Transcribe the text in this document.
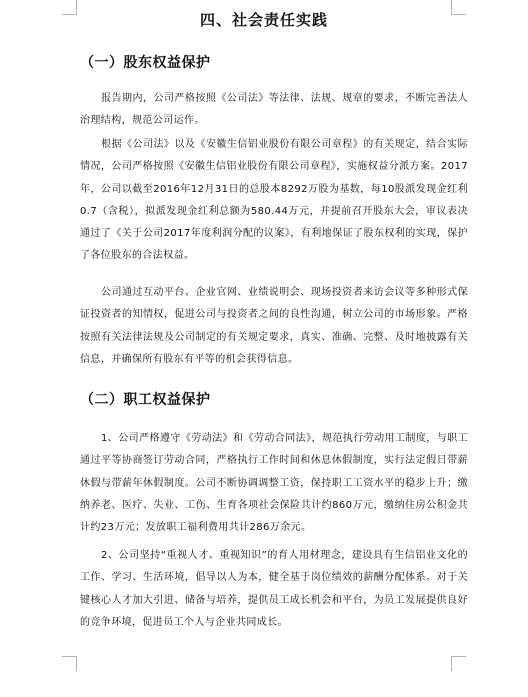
四、社会责任实践
（一）股东权益保护

报告期内，公司严格按照《公司法》等法律、法规、规章的要求，不断完善法人治理结构，规范公司运作。

根据《公司法》以及《安徽生信铝业股份有限公司章程》的有关规定，结合实际情况，公司严格按照《安徽生信铝业股份有限公司章程》，实施权益分派方案。2017年，公司以截至2016年12月31日的总股本8292万股为基数，每10股派发现金红利0.7（含税），拟派发现金红利总额为580.44万元，并提前召开股东大会，审议表决通过了《关于公司2017年度利润分配的议案》，有利地保证了股东权利的实现，保护了各位股东的合法权益。

公司通过互动平台、企业官网、业绩说明会、现场投资者来访会议等多种形式保证投资者的知情权，促进公司与投资者之间的良性沟通，树立公司的市场形象。严格按照有关法律法规及公司制定的有关规定要求，真实、准确、完整、及时地披露有关信息，并确保所有股东有平等的机会获得信息。

（二）职工权益保护

1、公司严格遵守《劳动法》和《劳动合同法》，规范执行劳动用工制度，与职工通过平等协商签订劳动合同，严格执行工作时间和休息休假制度，实行法定假日带薪休假与带薪年休假制度。公司不断协调调整工资，保持职工工资水平的稳步上升；缴纳养老、医疗、失业、工伤、生育各项社会保险共计约860万元，缴纳住房公积金共计约23万元；发放职工福利费用共计286万余元。

2、公司坚持“重视人才、重视知识”的育人用材理念，建设具有生信铝业文化的工作、学习、生活环境，倡导以人为本，健全基于岗位绩效的薪酬分配体系。对于关键核心人才加大引进、储备与培养，提供员工成长机会和平台，为员工发展提供良好的竞争环境，促进员工个人与企业共同成长。
